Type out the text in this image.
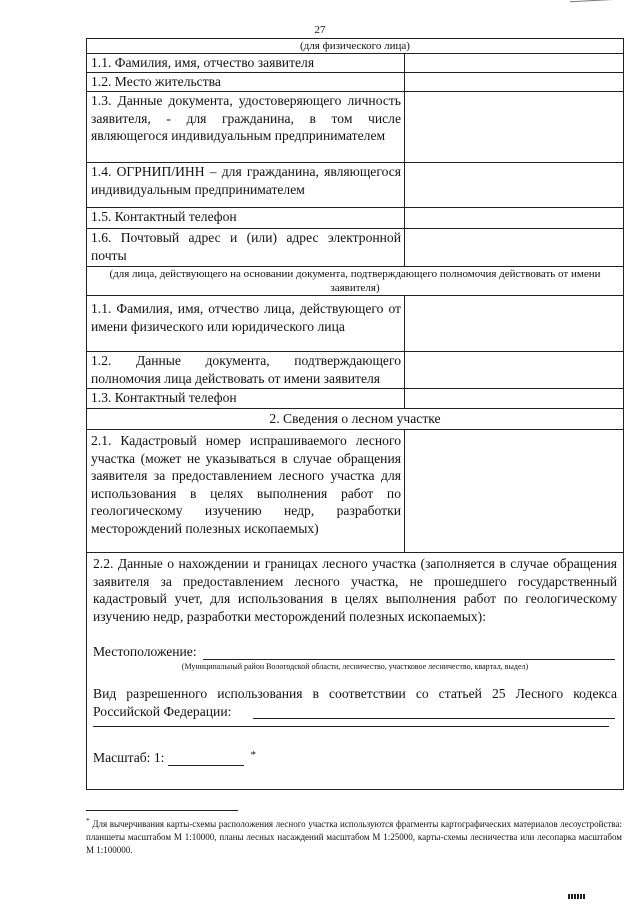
27
(для физического лица)
1.1. Фамилия, имя, отчество заявителя
1.2. Место жительства
1.3. Данные документа, удостоверяющего личность заявителя, - для гражданина, в том числе являющегося индивидуальным предпринимателем
1.4. ОГРНИП/ИНН – для гражданина, являющегося индивидуальным предпринимателем
1.5. Контактный телефон
1.6. Почтовый адрес и (или) адрес электронной почты
(для лица, действующего на основании документа, подтверждающего полномочия действовать от имени заявителя)
1.1. Фамилия, имя, отчество лица, действующего от имени физического или юридического лица
1.2. Данные документа, подтверждающего полномочия лица действовать от имени заявителя
1.3. Контактный телефон
2. Сведения о лесном участке
2.1. Кадастровый номер испрашиваемого лесного участка (может не указываться в случае обращения заявителя за предоставлением лесного участка для использования в целях выполнения работ по геологическому изучению недр, разработки месторождений полезных ископаемых)
2.2. Данные о нахождении и границах лесного участка (заполняется в случае обращения заявителя за предоставлением лесного участка, не прошедшего государственный кадастровый учет, для использования в целях выполнения работ по геологическому изучению недр, разработки месторождений полезных ископаемых):
Местоположение:
(Муниципальный район Вологодской области, лесничество, участковое лесничество, квартал, выдел)
Вид разрешенного использования в соответствии со статьей 25 Лесного кодекса Российской Федерации:
Масштаб: 1:	*
* Для вычерчивания карты-схемы расположения лесного участка используются фрагменты картографических материалов лесоустройства: планшеты масштабом М 1:10000, планы лесных насаждений масштабом М 1:25000, карты-схемы лесничества или лесопарка масштабом М 1:100000.
